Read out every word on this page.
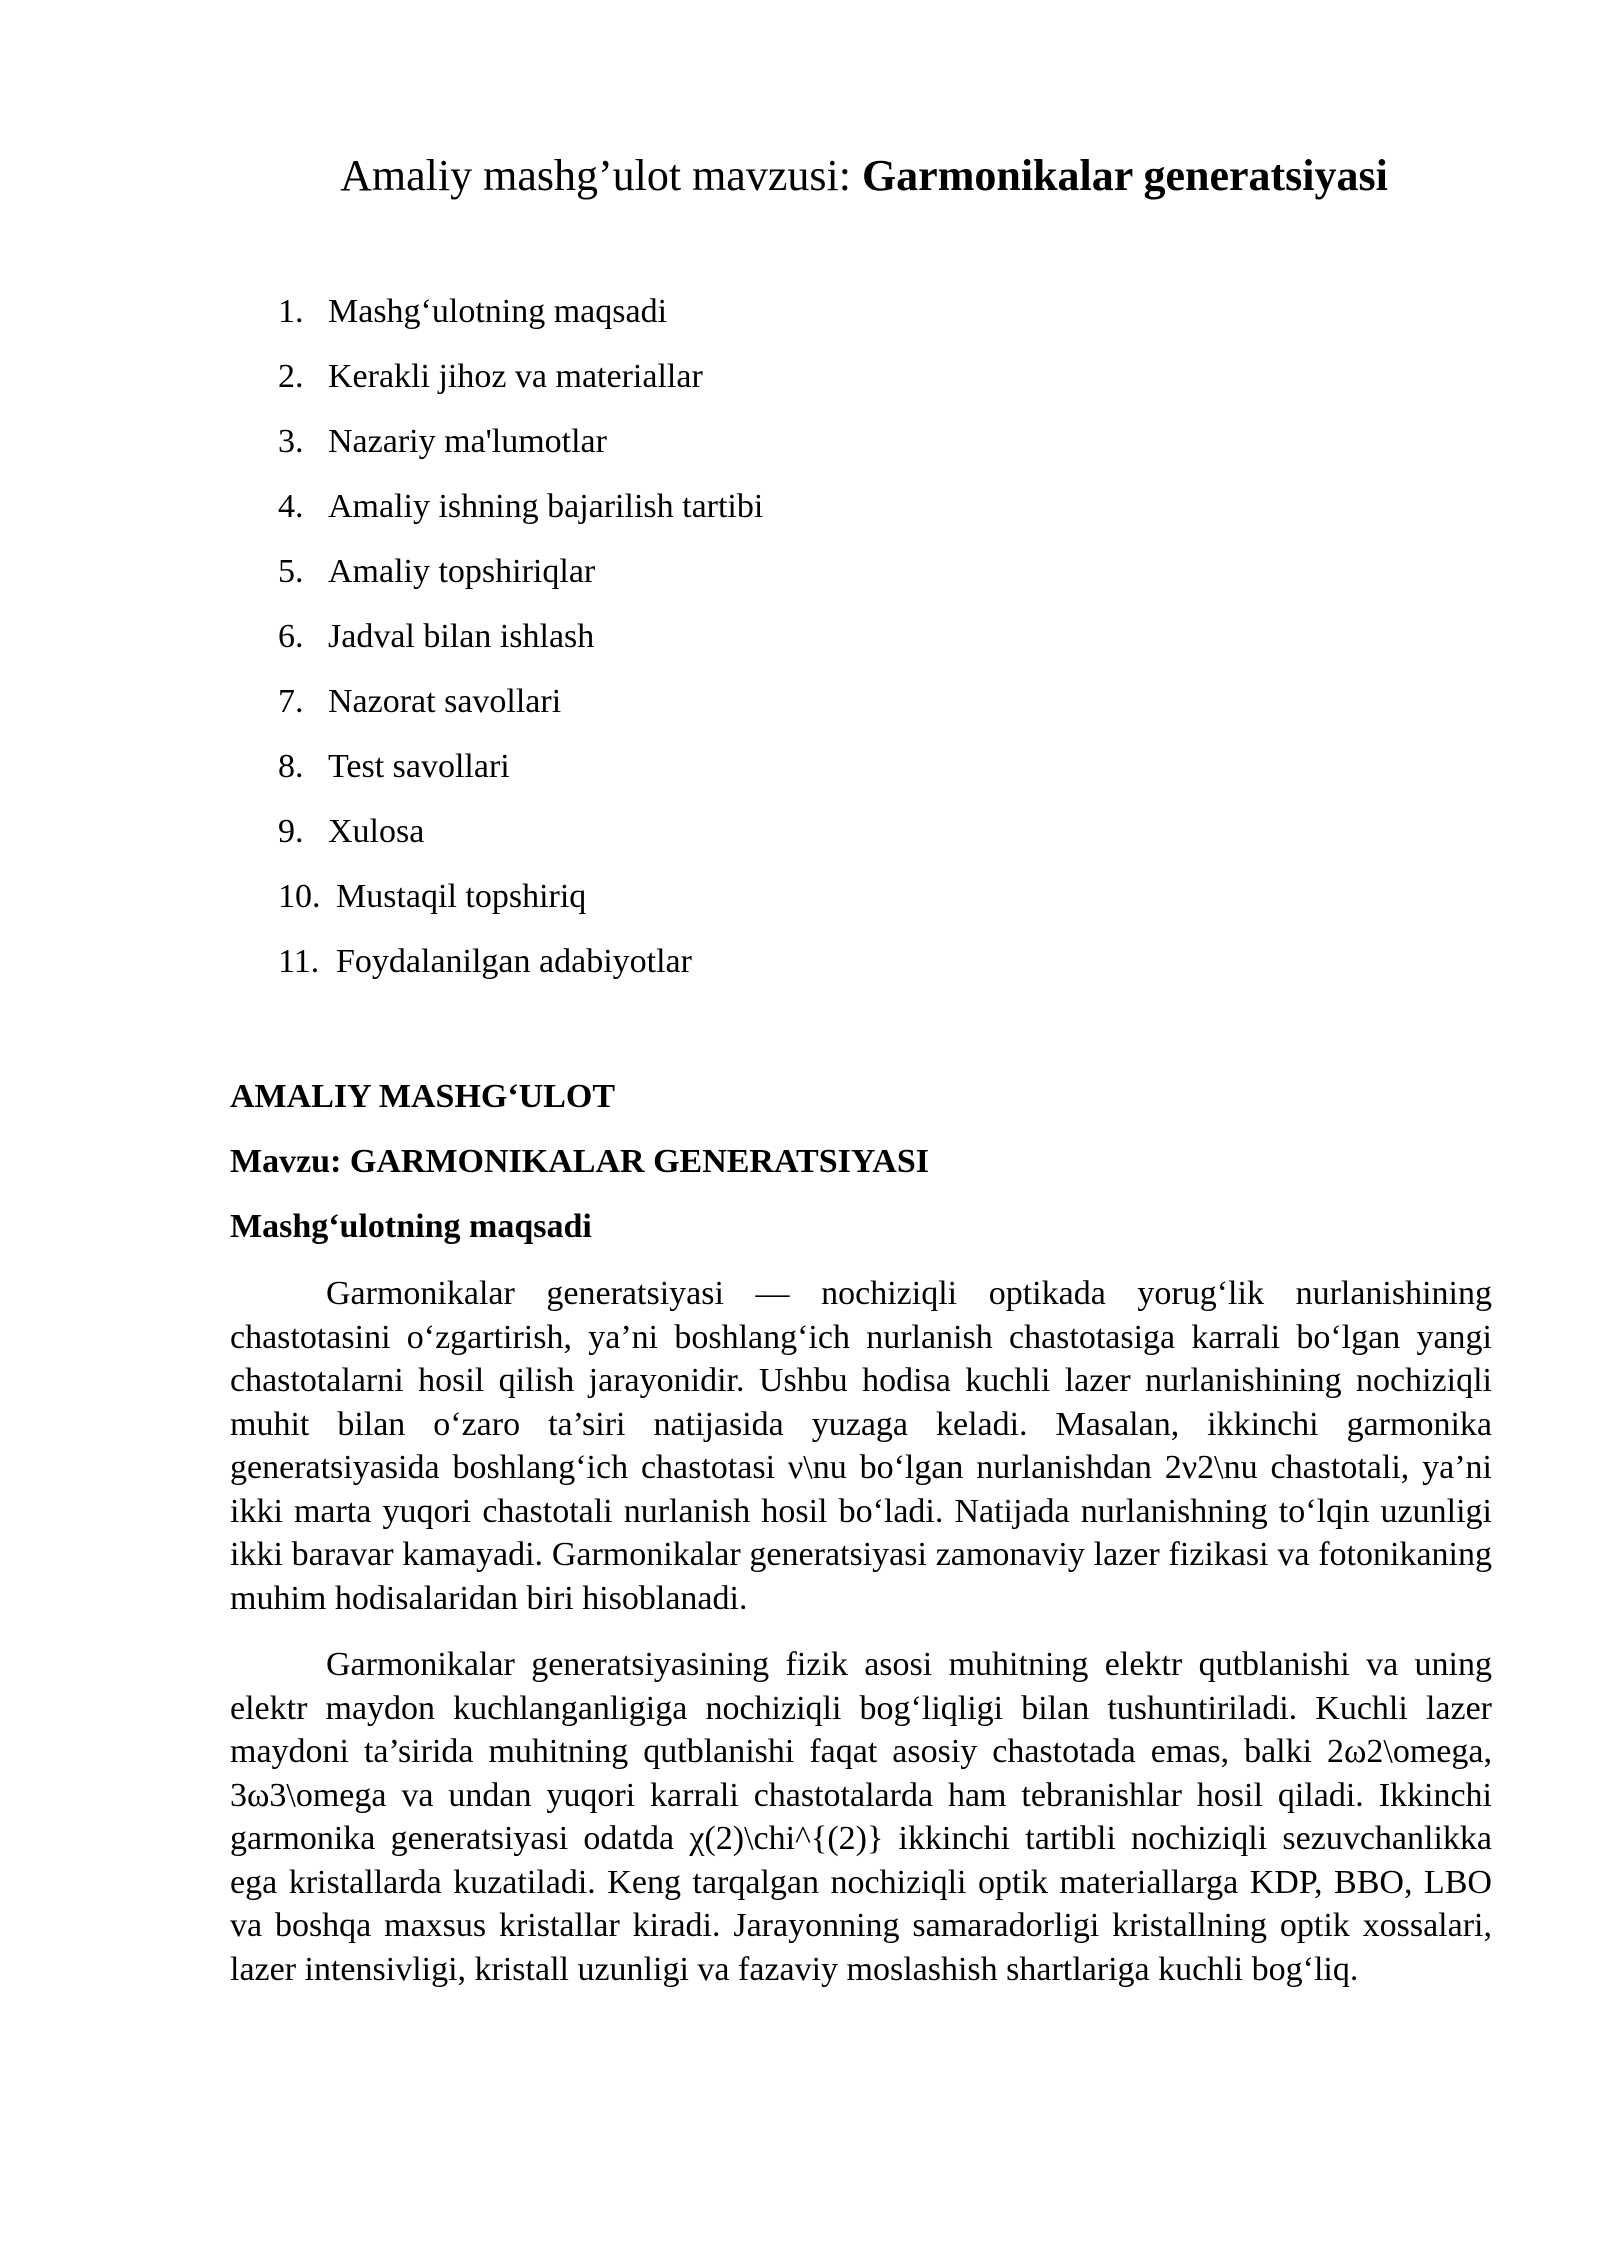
Amaliy mashg’ulot mavzusi: Garmonikalar generatsiyasi
1. Mashg‘ulotning maqsadi
2. Kerakli jihoz va materiallar
3. Nazariy ma'lumotlar
4. Amaliy ishning bajarilish tartibi
5. Amaliy topshiriqlar
6. Jadval bilan ishlash
7. Nazorat savollari
8. Test savollari
9. Xulosa
10. Mustaqil topshiriq
11. Foydalanilgan adabiyotlar
AMALIY MASHG‘ULOT
Mavzu: GARMONIKALAR GENERATSIYASI
Mashg‘ulotning maqsadi

Garmonikalar generatsiyasi — nochiziqli optikada yorug‘lik nurlanishining chastotasini o‘zgartirish, ya’ni boshlang‘ich nurlanish chastotasiga karrali bo‘lgan yangi chastotalarni hosil qilish jarayonidir. Ushbu hodisa kuchli lazer nurlanishining nochiziqli muhit bilan o‘zaro ta’siri natijasida yuzaga keladi. Masalan, ikkinchi garmonika generatsiyasida boshlang‘ich chastotasi ν\nu bo‘lgan nurlanishdan 2ν2\nu chastotali, ya’ni ikki marta yuqori chastotali nurlanish hosil bo‘ladi. Natijada nurlanishning to‘lqin uzunligi ikki baravar kamayadi. Garmonikalar generatsiyasi zamonaviy lazer fizikasi va fotonikaning muhim hodisalaridan biri hisoblanadi.

Garmonikalar generatsiyasining fizik asosi muhitning elektr qutblanishi va uning elektr maydon kuchlanganligiga nochiziqli bog‘liqligi bilan tushuntiriladi. Kuchli lazer maydoni ta’sirida muhitning qutblanishi faqat asosiy chastotada emas, balki 2ω2\omega, 3ω3\omega va undan yuqori karrali chastotalarda ham tebranishlar hosil qiladi. Ikkinchi garmonika generatsiyasi odatda χ(2)\chi^{(2)} ikkinchi tartibli nochiziqli sezuvchanlikka ega kristallarda kuzatiladi. Keng tarqalgan nochiziqli optik materiallarga KDP, BBO, LBO va boshqa maxsus kristallar kiradi. Jarayonning samaradorligi kristallning optik xossalari, lazer intensivligi, kristall uzunligi va fazaviy moslashish shartlariga kuchli bog‘liq.
